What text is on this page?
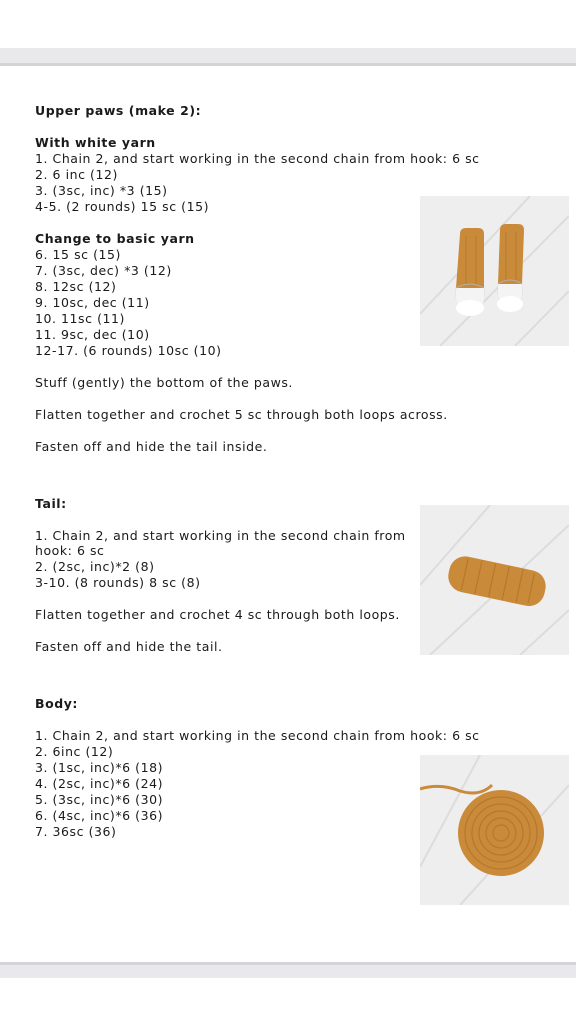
Upper paws (make 2):
With white yarn
1. Chain 2, and start working in the second chain from hook: 6 sc
2. 6 inc (12)
3. (3sc, inc) *3 (15)
4-5. (2 rounds) 15 sc (15)
Change to basic yarn
6. 15 sc (15)
7. (3sc, dec) *3 (12)
8. 12sc (12)
9. 10sc, dec (11)
10. 11sc (11)
11. 9sc, dec (10)
12-17. (6 rounds) 10sc (10)
Stuff (gently) the bottom of the paws.
Flatten together and crochet 5 sc through both loops across.
Fasten off and hide the tail inside.
Tail:
1. Chain 2, and start working in the second chain from
hook: 6 sc
2. (2sc, inc)*2 (8)
3-10. (8 rounds) 8 sc (8)
Flatten together and crochet 4 sc through both loops.
Fasten off and hide the tail.
Body:
1. Chain 2, and start working in the second chain from hook: 6 sc
2. 6inc (12)
3. (1sc, inc)*6 (18)
4. (2sc, inc)*6 (24)
5. (3sc, inc)*6 (30)
6. (4sc, inc)*6 (36)
7. 36sc (36)
